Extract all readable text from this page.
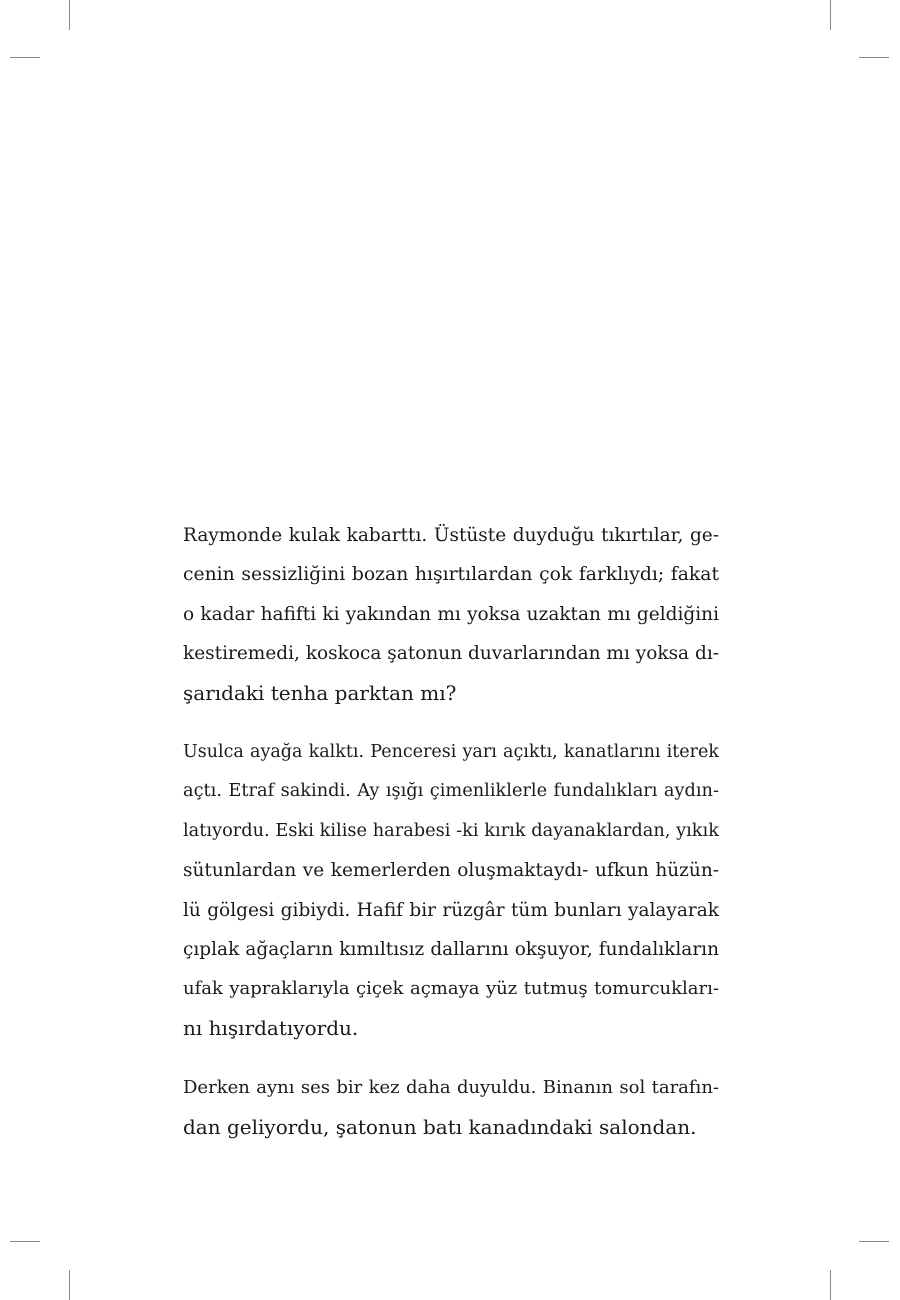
Raymonde kulak kabarttı. Üstüste duyduğu tıkırtılar, ge-
cenin sessizliğini bozan hışırtılardan çok farklıydı; fakat
o kadar hafifti ki yakından mı yoksa uzaktan mı geldiğini
kestiremedi, koskoca şatonun duvarlarından mı yoksa dı-
şarıdaki tenha parktan mı?

Usulca ayağa kalktı. Penceresi yarı açıktı, kanatlarını iterek
açtı. Etraf sakindi. Ay ışığı çimenliklerle fundalıkları aydın-
latıyordu. Eski kilise harabesi -ki kırık dayanaklardan, yıkık
sütunlardan ve kemerlerden oluşmaktaydı- ufkun hüzün-
lü gölgesi gibiydi. Hafif bir rüzgâr tüm bunları yalayarak
çıplak ağaçların kımıltısız dallarını okşuyor, fundalıkların
ufak yapraklarıyla çiçek açmaya yüz tutmuş tomurcukları-
nı hışırdatıyordu.

Derken aynı ses bir kez daha duyuldu. Binanın sol tarafın-
dan geliyordu, şatonun batı kanadındaki salondan.
